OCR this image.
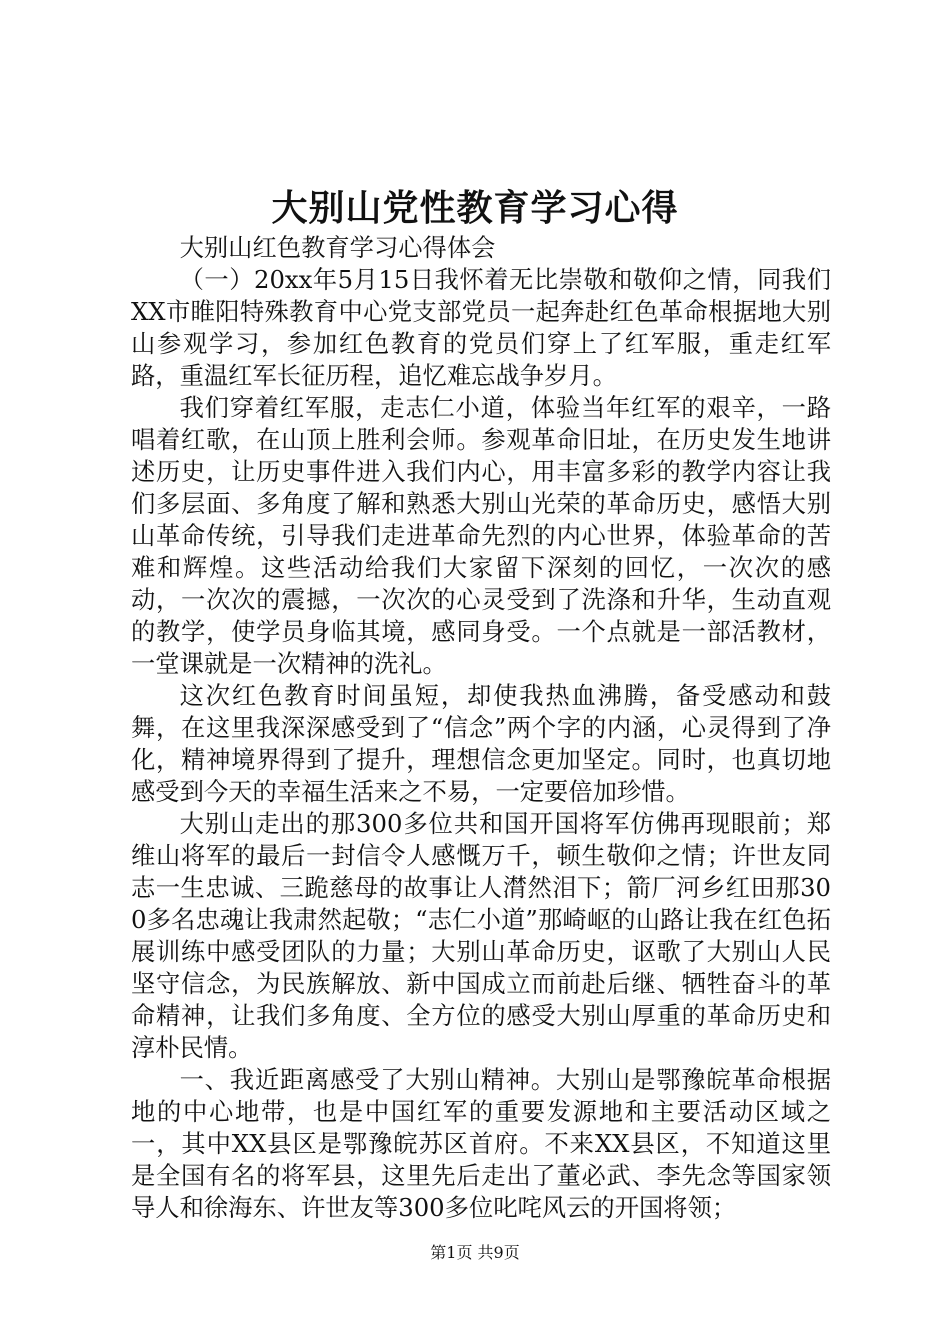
大别山党性教育学习心得

大别山红色教育学习心得体会

（一）20xx年5月15日我怀着无比崇敬和敬仰之情，同我们XX市睢阳特殊教育中心党支部党员一起奔赴红色革命根据地大别山参观学习，参加红色教育的党员们穿上了红军服，重走红军路，重温红军长征历程，追忆难忘战争岁月。

我们穿着红军服，走志仁小道，体验当年红军的艰辛，一路唱着红歌，在山顶上胜利会师。参观革命旧址，在历史发生地讲述历史，让历史事件进入我们内心，用丰富多彩的教学内容让我们多层面、多角度了解和熟悉大别山光荣的革命历史，感悟大别山革命传统，引导我们走进革命先烈的内心世界，体验革命的苦难和辉煌。这些活动给我们大家留下深刻的回忆，一次次的感动，一次次的震撼，一次次的心灵受到了洗涤和升华，生动直观的教学，使学员身临其境，感同身受。一个点就是一部活教材，一堂课就是一次精神的洗礼。

这次红色教育时间虽短，却使我热血沸腾，备受感动和鼓舞，在这里我深深感受到了“信念”两个字的内涵，心灵得到了净化，精神境界得到了提升，理想信念更加坚定。同时，也真切地感受到今天的幸福生活来之不易，一定要倍加珍惜。

大别山走出的那300多位共和国开国将军仿佛再现眼前；郑维山将军的最后一封信令人感慨万千，顿生敬仰之情；许世友同志一生忠诚、三跪慈母的故事让人潸然泪下；箭厂河乡红田那300多名忠魂让我肃然起敬；“志仁小道”那崎岖的山路让我在红色拓展训练中感受团队的力量；大别山革命历史，讴歌了大别山人民坚守信念，为民族解放、新中国成立而前赴后继、牺牲奋斗的革命精神，让我们多角度、全方位的感受大别山厚重的革命历史和淳朴民情。

一、我近距离感受了大别山精神。大别山是鄂豫皖革命根据地的中心地带，也是中国红军的重要发源地和主要活动区域之一，其中XX县区是鄂豫皖苏区首府。不来XX县区，不知道这里是全国有名的将军县，这里先后走出了董必武、李先念等国家领导人和徐海东、许世友等300多位叱咤风云的开国将领；

第1页 共9页
